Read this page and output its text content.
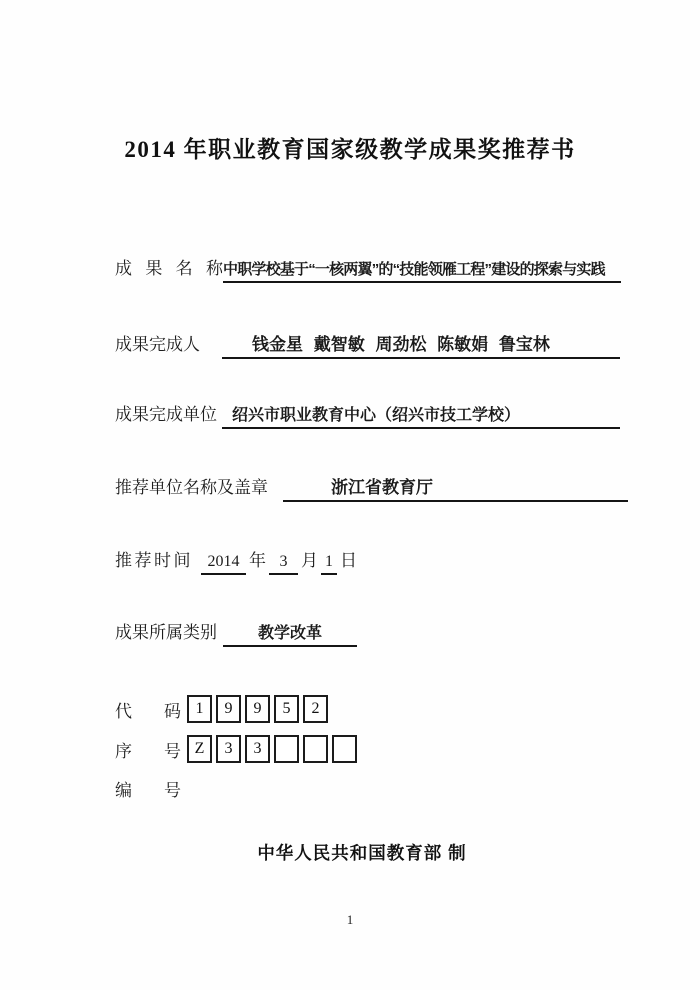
2014 年职业教育国家级教学成果奖推荐书
成果名称 中职学校基于“一核两翼”的“技能领雁工程”建设的探索与实践
成果完成人	钱金星 戴智敏 周劲松 陈敏娟 鲁宝林
成果完成单位 绍兴市职业教育中心（绍兴市技工学校）
推荐单位名称及盖章	浙江省教育厅
推荐时间 2014 年 3 月 1 日
成果所属类别	教学改革
代码 1	9	9	5	2
序号 Z	3	3
编号
中华人民共和国教育部 制
1
